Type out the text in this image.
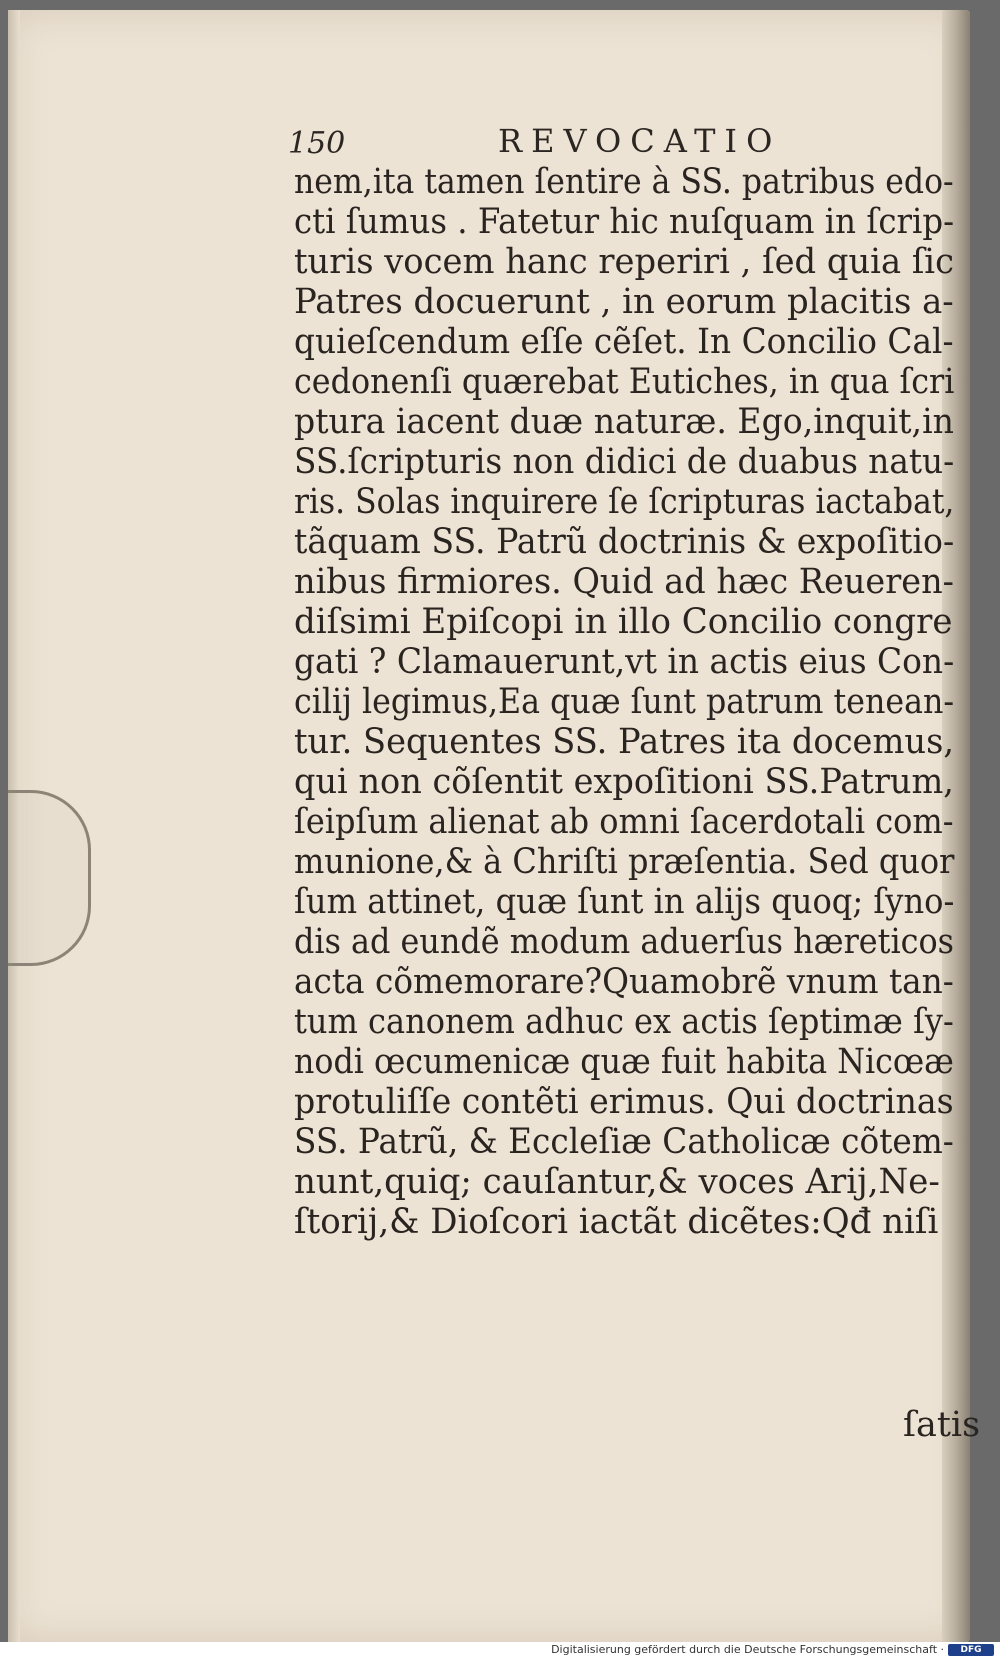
150	REVOCATIO
nem,ita tamen ſentire à SS. patribus edo-
cti ſumus . Fatetur hic nuſquam in ſcrip-
turis vocem hanc reperiri , ſed quia ſic
Patres docuerunt , in eorum placitis a-
quieſcendum eſſe cẽſet. In Concilio Cal-
cedonenſi quærebat Eutiches, in qua ſcri
ptura iacent duæ naturæ. Ego,inquit,in
SS.ſcripturis non didici de duabus natu-
ris. Solas inquirere ſe ſcripturas iactabat,
tãquam SS. Patrũ doctrinis & expoſitio-
nibus firmiores. Quid ad hæc Reueren-
diſsimi Epiſcopi in illo Concilio congre
gati ? Clamauerunt,vt in actis eius Con-
cilij legimus,Ea quæ ſunt patrum tenean-
tur. Sequentes SS. Patres ita docemus,
qui non cõſentit expoſitioni SS.Patrum,
ſeipſum alienat ab omni ſacerdotali com-
munione,& à Chriſti præſentia. Sed quor
ſum attinet, quæ ſunt in alijs quoq; ſyno-
dis ad eundẽ modum aduerſus hæreticos
acta cõmemorare?Quamobrẽ vnum tan-
tum canonem adhuc ex actis ſeptimæ ſy-
nodi œcumenicæ quæ fuit habita Nicœæ
protuliſſe contẽti erimus. Qui doctrinas
SS. Patrũ, & Eccleſiæ Catholicæ cõtem-
nunt,quiq; cauſantur,& voces Arij,Ne-
ſtorij,& Dioſcori iactãt dicẽtes:Qđ niſi
ſatis
Digitalisierung gefördert durch die Deutsche Forschungsgemeinschaft ·	DFG
